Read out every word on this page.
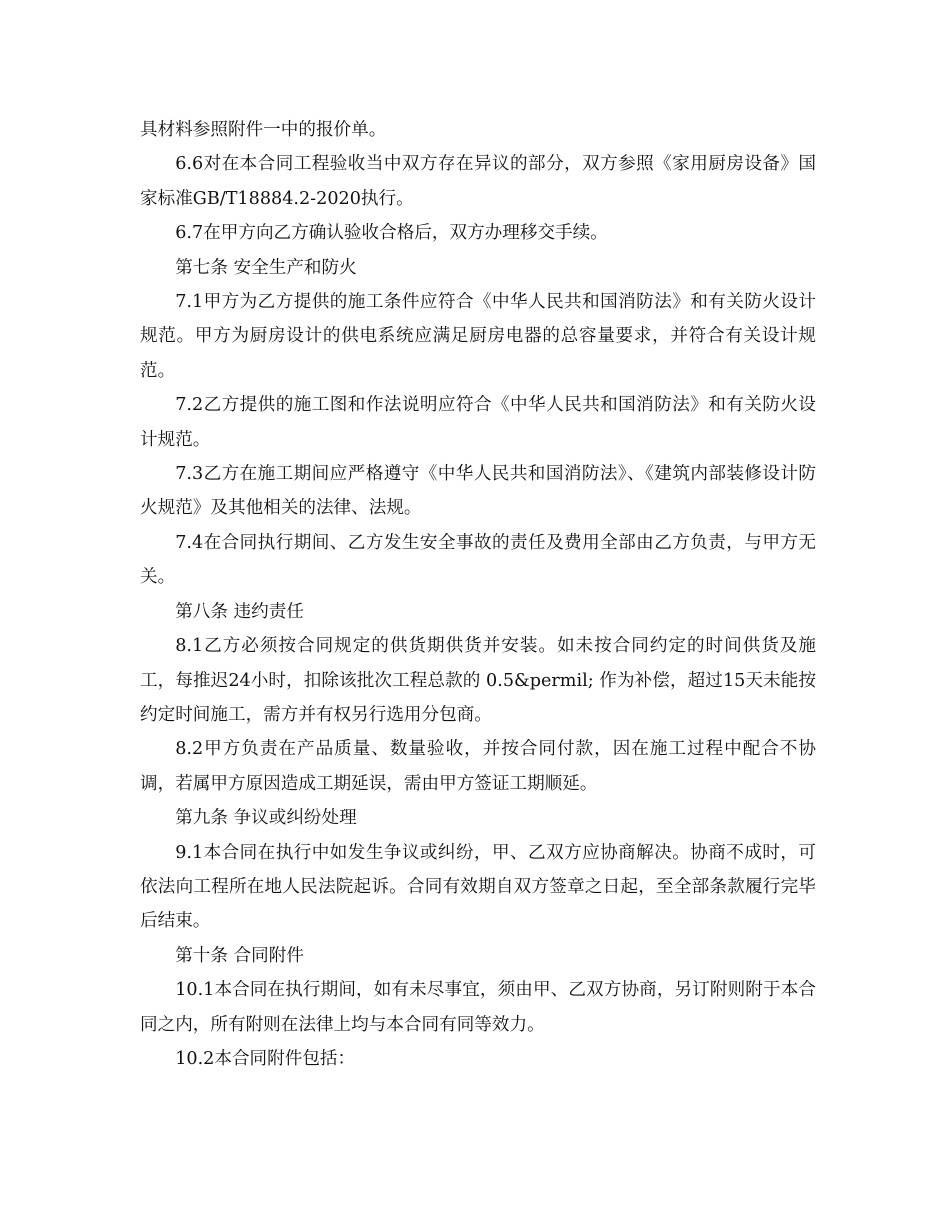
具材料参照附件一中的报价单。

6.6对在本合同工程验收当中双方存在异议的部分，双方参照《家用厨房设备》国家标准GB/T18884.2-2020执行。

6.7在甲方向乙方确认验收合格后，双方办理移交手续。

第七条 安全生产和防火

7.1甲方为乙方提供的施工条件应符合《中华人民共和国消防法》和有关防火设计规范。甲方为厨房设计的供电系统应满足厨房电器的总容量要求，并符合有关设计规范。

7.2乙方提供的施工图和作法说明应符合《中华人民共和国消防法》和有关防火设计规范。

7.3乙方在施工期间应严格遵守《中华人民共和国消防法》、《建筑内部装修设计防火规范》及其他相关的法律、法规。

7.4在合同执行期间、乙方发生安全事故的责任及费用全部由乙方负责，与甲方无关。

第八条 违约责任

8.1乙方必须按合同规定的供货期供货并安装。如未按合同约定的时间供货及施工，每推迟24小时，扣除该批次工程总款的 0.5&permil; 作为补偿，超过15天未能按约定时间施工，需方并有权另行选用分包商。

8.2甲方负责在产品质量、数量验收，并按合同付款，因在施工过程中配合不协调，若属甲方原因造成工期延误，需由甲方签证工期顺延。

第九条 争议或纠纷处理

9.1本合同在执行中如发生争议或纠纷，甲、乙双方应协商解决。协商不成时，可依法向工程所在地人民法院起诉。合同有效期自双方签章之日起，至全部条款履行完毕后结束。

第十条 合同附件

10.1本合同在执行期间，如有未尽事宜，须由甲、乙双方协商，另订附则附于本合同之内，所有附则在法律上均与本合同有同等效力。

10.2本合同附件包括：
